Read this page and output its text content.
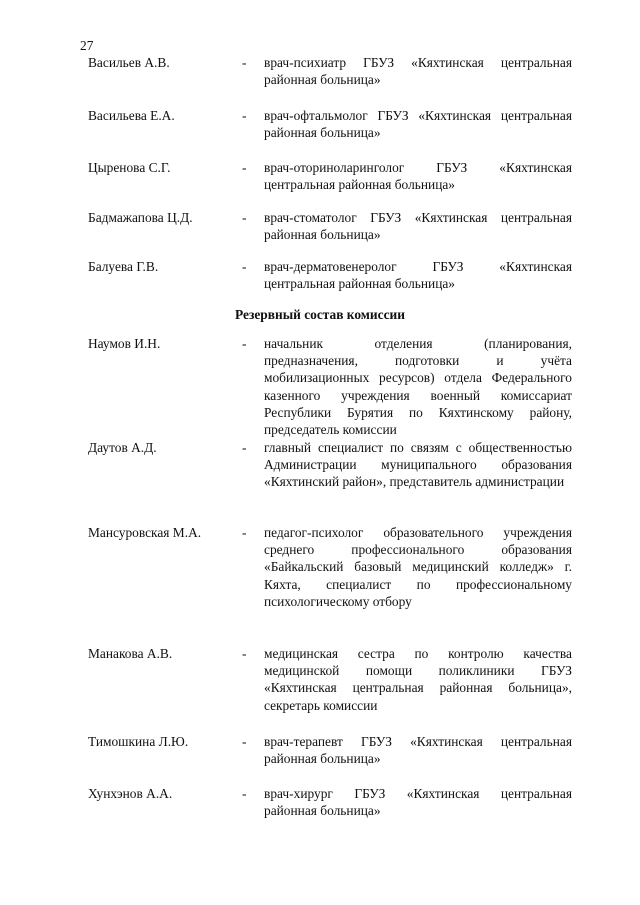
27
Васильев А.В.	- врач-психиатр ГБУЗ «Кяхтинская центральная районная больница»
Васильева Е.А.	- врач-офтальмолог ГБУЗ «Кяхтинская центральная районная больница»
Цыренова С.Г.	- врач-оториноларинголог ГБУЗ «Кяхтинская центральная районная больница»
Бадмажапова Ц.Д.	- врач-стоматолог ГБУЗ «Кяхтинская центральная районная больница»
Балуева Г.В.	- врач-дерматовенеролог ГБУЗ «Кяхтинская центральная районная больница»
Резервный состав комиссии
Наумов И.Н.	- начальник отделения (планирования, предназначения, подготовки и учёта мобилизационных ресурсов) отдела Федерального казенного учреждения военный комиссариат Республики Бурятия по Кяхтинскому району, председатель комиссии
Даутов А.Д.	- главный специалист по связям с общественностью Администрации муниципального образования «Кяхтинский район», представитель администрации
Мансуровская М.А.	- педагог-психолог образовательного учреждения среднего профессионального образования «Байкальский базовый медицинский колледж» г. Кяхта, специалист по профессиональному психологическому отбору
Манакова А.В.	- медицинская сестра по контролю качества медицинской помощи поликлиники ГБУЗ «Кяхтинская центральная районная больница», секретарь комиссии
Тимошкина Л.Ю.	- врач-терапевт ГБУЗ «Кяхтинская центральная районная больница»
Хунхэнов А.А.	- врач-хирург ГБУЗ «Кяхтинская центральная районная больница»
